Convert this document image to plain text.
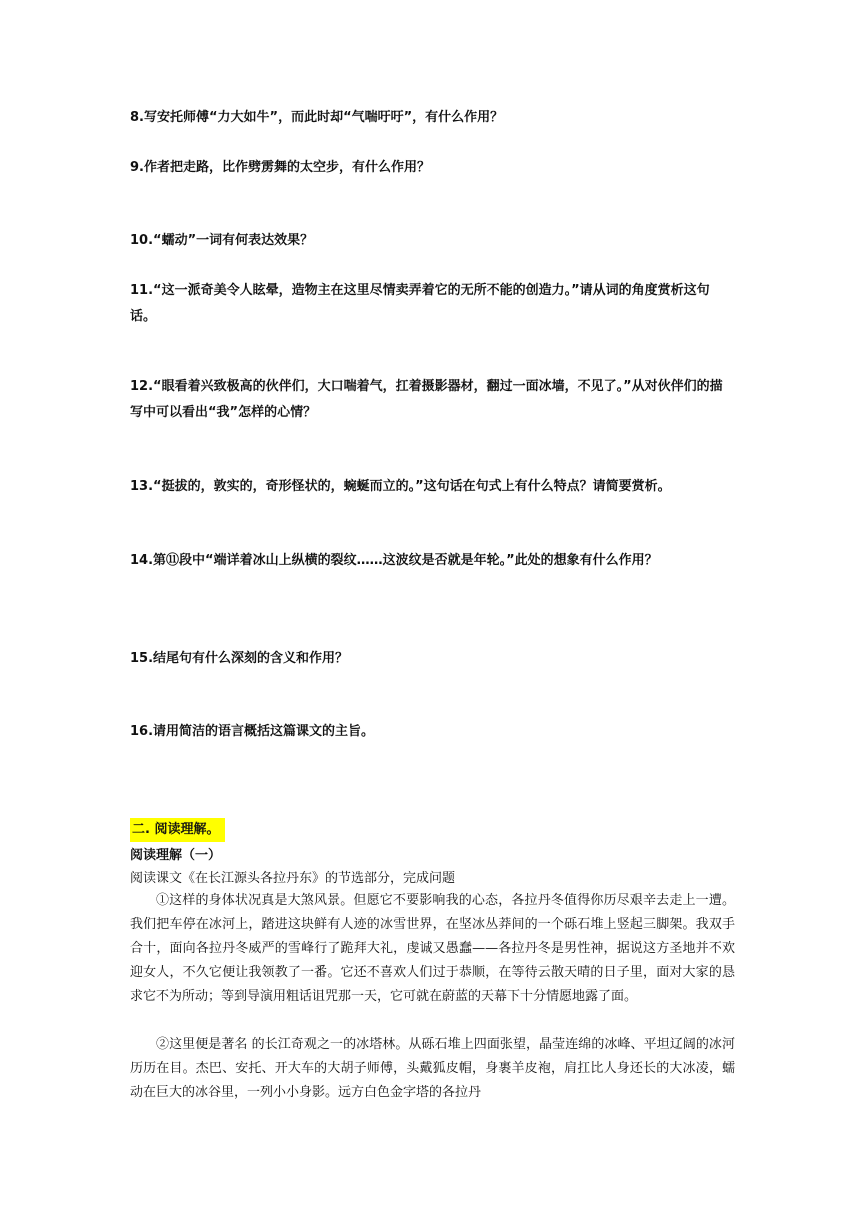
8.写安托师傅“力大如牛”，而此时却“气喘吁吁”，有什么作用？
9.作者把走路，比作劈雳舞的太空步，有什么作用？
10.“蠕动”一词有何表达效果？
11.“这一派奇美令人眩晕，造物主在这里尽情卖弄着它的无所不能的创造力。”请从词的角度赏析这句话。
12.“眼看着兴致极高的伙伴们，大口喘着气，扛着摄影器材，翻过一面冰墙，不见了。”从对伙伴们的描写中可以看出“我”怎样的心情？
13.“挺拔的，敦实的，奇形怪状的，蜿蜒而立的。”这句话在句式上有什么特点？请简要赏析。
14.第⑪段中“端详着冰山上纵横的裂纹……这波纹是否就是年轮。”此处的想象有什么作用？
15.结尾句有什么深刻的含义和作用？
16.请用简洁的语言概括这篇课文的主旨。
二. 阅读理解。
阅读理解（一）
阅读课文《在长江源头各拉丹东》的节选部分，完成问题
①这样的身体状况真是大煞风景。但愿它不要影响我的心态，各拉丹冬值得你历尽艰辛去走上一遭。我们把车停在冰河上，踏进这块鲜有人迹的冰雪世界，在坚冰丛莽间的一个砾石堆上竖起三脚架。我双手合十，面向各拉丹冬威严的雪峰行了跪拜大礼，虔诚又愚蠢——各拉丹冬是男性神，据说这方圣地并不欢迎女人，不久它便让我领教了一番。它还不喜欢人们过于恭顺，在等待云散天晴的日子里，面对大家的恳求它不为所动；等到导演用粗话诅咒那一天，它可就在蔚蓝的天幕下十分情愿地露了面。
②这里便是著名 的长江奇观之一的冰塔林。从砾石堆上四面张望，晶莹连绵的冰峰、平坦辽阔的冰河历历在目。杰巴、安托、开大车的大胡子师傅，头戴狐皮帽，身裹羊皮袍，肩扛比人身还长的大冰凌，蠕动在巨大的冰谷里，一列小小身影。远方白色金字塔的各拉丹
